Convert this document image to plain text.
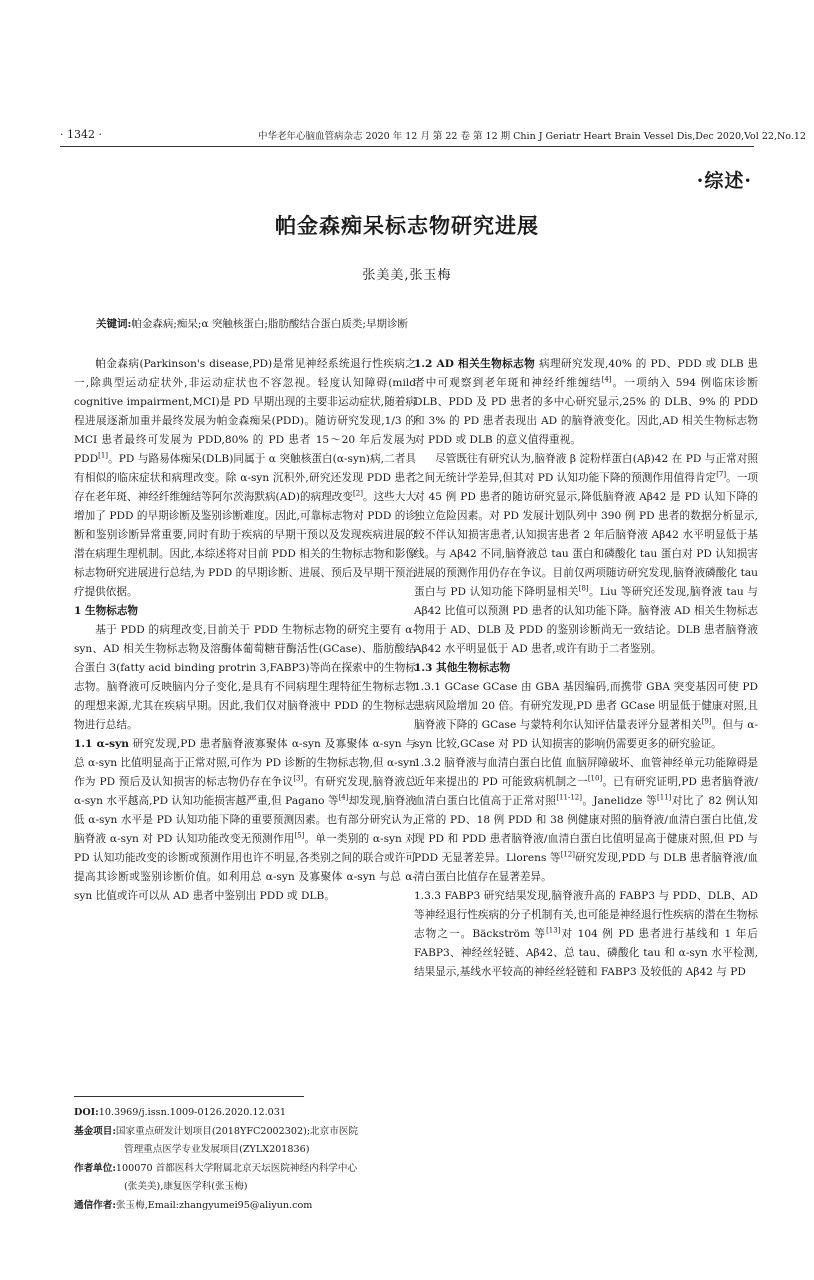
· 1342 ·	中华老年心脑血管病杂志 2020 年 12 月 第 22 卷 第 12 期 Chin J Geriatr Heart Brain Vessel Dis,Dec 2020,Vol 22,No.12
·综述·
帕金森痴呆标志物研究进展
张美美,张玉梅
关键词:帕金森病;痴呆;α 突触核蛋白;脂肪酸结合蛋白质类;早期诊断

帕金森病(Parkinson's disease,PD)是常见神经系统退行性疾病之一,除典型运动症状外,非运动症状也不容忽视。轻度认知障碍(mild cognitive impairment,MCI)是 PD 早期出现的主要非运动症状,随着病程进展逐渐加重并最终发展为帕金森痴呆(PDD)。随访研究发现,1/3 的 MCI 患者最终可发展为 PDD,80% 的 PD 患者 15～20 年后发展为 PDD[1]。PD 与路易体痴呆(DLB)同属于 α 突触核蛋白(α-syn)病,二者具有相似的临床症状和病理改变。除 α-syn 沉积外,研究还发现 PDD 患者存在老年斑、神经纤维缠结等阿尔茨海默病(AD)的病理改变[2]。这些大大增加了 PDD 的早期诊断及鉴别诊断难度。因此,可靠标志物对 PDD 的诊断和鉴别诊断异常重要,同时有助于疾病的早期干预以及发现疾病进展的潜在病理生理机制。因此,本综述将对目前 PDD 相关的生物标志物和影像标志物研究进展进行总结,为 PDD 的早期诊断、进展、预后及早期干预治疗提供依据。

1 生物标志物

基于 PDD 的病理改变,目前关于 PDD 生物标志物的研究主要有 α-syn、AD 相关生物标志物及溶酶体葡萄糖苷酶活性(GCase)、脂肪酸结合蛋白 3(fatty acid binding protrin 3,FABP3)等尚在探索中的生物标志物。脑脊液可反映脑内分子变化,是具有不同病理生理特征生物标志物的理想来源,尤其在疾病早期。因此,我们仅对脑脊液中 PDD 的生物标志物进行总结。

1.1 α-syn 研究发现,PD 患者脑脊液寡聚体 α-syn 及寡聚体 α-syn 与总 α-syn 比值明显高于正常对照,可作为 PD 诊断的生物标志物,但 α-syn 作为 PD 预后及认知损害的标志物仍存在争议[3]。有研究发现,脑脊液总 α-syn 水平越高,PD 认知功能损害越严重,但 Pagano 等[4]却发现,脑脊液低 α-syn 水平是 PD 认知功能下降的重要预测因素。也有部分研究认为,脑脊液 α-syn 对 PD 认知功能改变无预测作用[5]。单一类别的 α-syn 对 PD 认知功能改变的诊断或预测作用也许不明显,各类别之间的联合或许可提高其诊断或鉴别诊断价值。如利用总 α-syn 及寡聚体 α-syn 与总 α-syn 比值或许可以从 AD 患者中鉴别出 PDD 或 DLB。

1.2 AD 相关生物标志物 病理研究发现,40% 的 PD、PDD 或 DLB 患者中可观察到老年斑和神经纤维缠结[4]。一项纳入 594 例临床诊断 DLB、PDD 及 PD 患者的多中心研究显示,25% 的 DLB、9% 的 PDD 和 3% 的 PD 患者表现出 AD 的脑脊液变化。因此,AD 相关生物标志物对 PDD 或 DLB 的意义值得重视。

尽管既往有研究认为,脑脊液 β 淀粉样蛋白(Aβ)42 在 PD 与正常对照之间无统计学差异,但其对 PD 认知功能下降的预测作用值得肯定[7]。一项对 45 例 PD 患者的随访研究显示,降低脑脊液 Aβ42 是 PD 认知下降的独立危险因素。对 PD 发展计划队列中 390 例 PD 患者的数据分析显示,较不伴认知损害患者,认知损害患者 2 年后脑脊液 Aβ42 水平明显低于基线。与 Aβ42 不同,脑脊液总 tau 蛋白和磷酸化 tau 蛋白对 PD 认知损害进展的预测作用仍存在争议。目前仅两项随访研究发现,脑脊液磷酸化 tau 蛋白与 PD 认知功能下降明显相关[8]。Liu 等研究还发现,脑脊液 tau 与 Aβ42 比值可以预测 PD 患者的认知功能下降。脑脊液 AD 相关生物标志物用于 AD、DLB 及 PDD 的鉴别诊断尚无一致结论。DLB 患者脑脊液 Aβ42 水平明显低于 AD 患者,或许有助于二者鉴别。

1.3 其他生物标志物

1.3.1 GCase GCase 由 GBA 基因编码,而携带 GBA 突变基因可使 PD 患病风险增加 20 倍。有研究发现,PD 患者 GCase 明显低于健康对照,且脑脊液下降的 GCase 与蒙特利尔认知评估量表评分显著相关[9]。但与 α-syn 比较,GCase 对 PD 认知损害的影响仍需要更多的研究验证。

1.3.2 脑脊液与血清白蛋白比值 血脑屏障破坏、血管神经单元功能障碍是近年来提出的 PD 可能致病机制之一[10]。已有研究证明,PD 患者脑脊液/血清白蛋白比值高于正常对照[11-12]。Janelidze 等[11]对比了 82 例认知正常的 PD、18 例 PDD 和 38 例健康对照的脑脊液/血清白蛋白比值,发现 PD 和 PDD 患者脑脊液/血清白蛋白比值明显高于健康对照,但 PD 与 PDD 无显著差异。Llorens 等[12]研究发现,PDD 与 DLB 患者脑脊液/血清白蛋白比值存在显著差异。

1.3.3 FABP3 研究结果发现,脑脊液升高的 FABP3 与 PDD、DLB、AD 等神经退行性疾病的分子机制有关,也可能是神经退行性疾病的潜在生物标志物之一。Bäckström 等[13]对 104 例 PD 患者进行基线和 1 年后 FABP3、神经丝轻链、Aβ42、总 tau、磷酸化 tau 和 α-syn 水平检测,结果显示,基线水平较高的神经丝轻链和 FABP3 及较低的 Aβ42 与 PD

DOI:10.3969/j.issn.1009-0126.2020.12.031
基金项目:国家重点研发计划项目(2018YFC2002302);北京市医院
管理重点医学专业发展项目(ZYLX201836)
作者单位:100070 首都医科大学附属北京天坛医院神经内科学中心
(张美美),康复医学科(张玉梅)
通信作者:张玉梅,Email:zhangyumei95@aliyun.com
